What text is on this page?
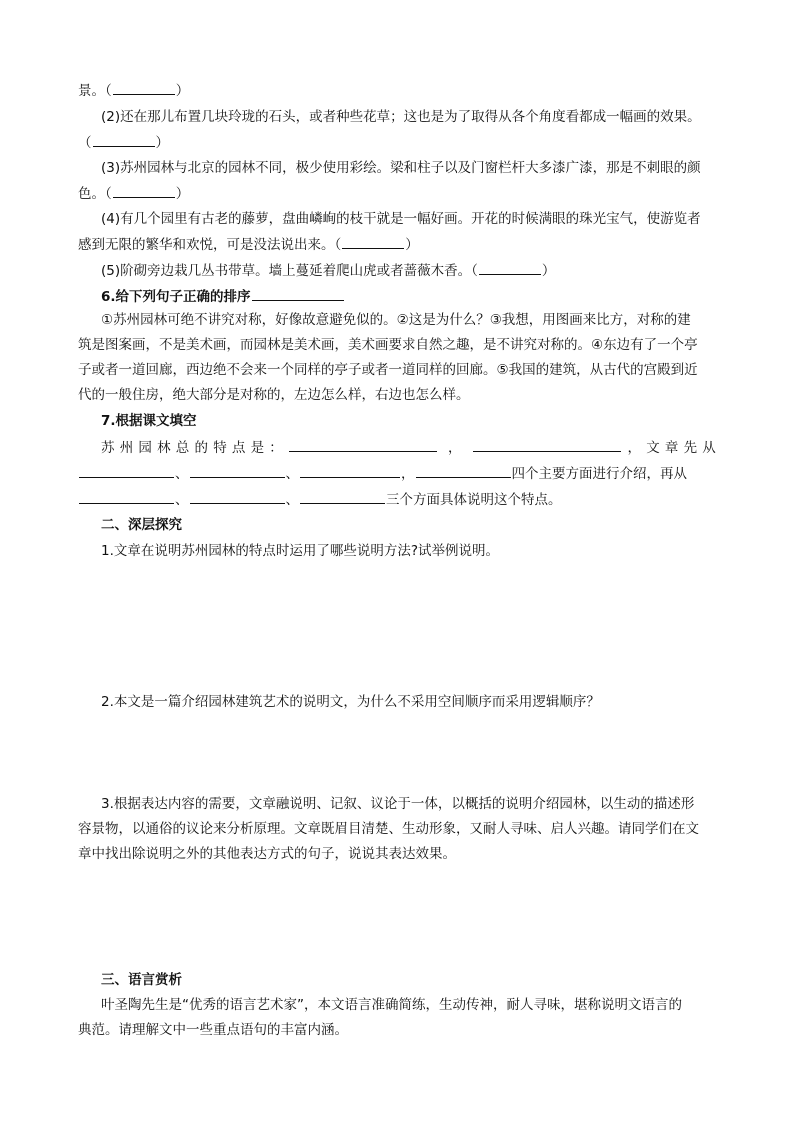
景。（	）
(2)还在那儿布置几块玲珑的石头，或者种些花草；这也是为了取得从各个角度看都成一幅画的效果。
（	）
(3)苏州园林与北京的园林不同，极少使用彩绘。梁和柱子以及门窗栏杆大多漆广漆，那是不刺眼的颜
色。（	）
(4)有几个园里有古老的藤萝，盘曲嶙峋的枝干就是一幅好画。开花的时候满眼的珠光宝气，使游览者
感到无限的繁华和欢悦，可是没法说出来。（	）
(5)阶砌旁边栽几丛书带草。墙上蔓延着爬山虎或者蔷薇木香。（	）
6.给下列句子正确的排序
①苏州园林可绝不讲究对称，好像故意避免似的。②这是为什么？③我想，用图画来比方，对称的建
筑是图案画，不是美术画，而园林是美术画，美术画要求自然之趣，是不讲究对称的。④东边有了一个亭
子或者一道回廊，西边绝不会来一个同样的亭子或者一道同样的回廊。⑤我国的建筑，从古代的宫殿到近
代的一般住房，绝大部分是对称的，左边怎么样，右边也怎么样。
7.根据课文填空
苏州园林总的特点是：	，	，文章先从
、	、	，	四个主要方面进行介绍，再从
、	、	三个方面具体说明这个特点。
二、深层探究
1.文章在说明苏州园林的特点时运用了哪些说明方法?试举例说明。
2.本文是一篇介绍园林建筑艺术的说明文，为什么不采用空间顺序而采用逻辑顺序？
3.根据表达内容的需要，文章融说明、记叙、议论于一体，以概括的说明介绍园林，以生动的描述形
容景物，以通俗的议论来分析原理。文章既眉目清楚、生动形象，又耐人寻味、启人兴趣。请同学们在文
章中找出除说明之外的其他表达方式的句子，说说其表达效果。
三、语言赏析
叶圣陶先生是“优秀的语言艺术家”，本文语言准确简练，生动传神，耐人寻味，堪称说明文语言的
典范。请理解文中一些重点语句的丰富内涵。
